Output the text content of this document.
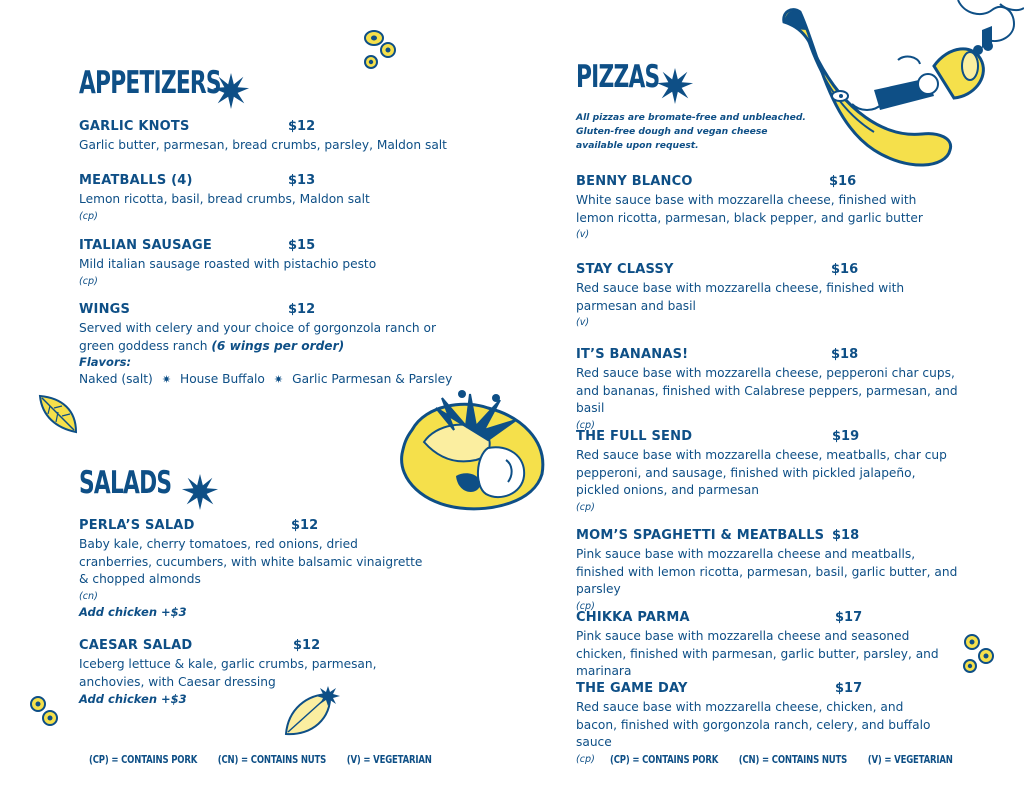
APPETIZERS
GARLIC KNOTS	$12
Garlic butter, parmesan, bread crumbs, parsley, Maldon salt
MEATBALLS (4)	$13
Lemon ricotta, basil, bread crumbs, Maldon salt
(cp)
ITALIAN SAUSAGE	$15
Mild italian sausage roasted with pistachio pesto
(cp)
WINGS	$12
Served with celery and your choice of gorgonzola ranch or green goddess ranch (6 wings per order)
Flavors:
Naked (salt) ✷ House Buffalo ✷ Garlic Parmesan & Parsley
SALADS
PERLA’S SALAD	$12
Baby kale, cherry tomatoes, red onions, dried cranberries, cucumbers, with white balsamic vinaigrette & chopped almonds
(cn)
Add chicken +$3
CAESAR SALAD	$12
Iceberg lettuce & kale, garlic crumbs, parmesan, anchovies, with Caesar dressing
Add chicken +$3
(CP) = CONTAINS PORK (CN) = CONTAINS NUTS (V) = VEGETARIAN
PIZZAS
All pizzas are bromate-free and unbleached. Gluten-free dough and vegan cheese available upon request.
BENNY BLANCO	$16
White sauce base with mozzarella cheese, finished with lemon ricotta, parmesan, black pepper, and garlic butter
(v)
STAY CLASSY	$16
Red sauce base with mozzarella cheese, finished with parmesan and basil
(v)
IT’S BANANAS!	$18
Red sauce base with mozzarella cheese, pepperoni char cups, and bananas, finished with Calabrese peppers, parmesan, and basil
(cp)
THE FULL SEND	$19
Red sauce base with mozzarella cheese, meatballs, char cup pepperoni, and sausage, finished with pickled jalapeño, pickled onions, and parmesan
(cp)
MOM’S SPAGHETTI & MEATBALLS $18
Pink sauce base with mozzarella cheese and meatballs, finished with lemon ricotta, parmesan, basil, garlic butter, and parsley
(cp)
CHIKKA PARMA	$17
Pink sauce base with mozzarella cheese and seasoned chicken, finished with parmesan, garlic butter, parsley, and marinara
THE GAME DAY	$17
Red sauce base with mozzarella cheese, chicken, and bacon, finished with gorgonzola ranch, celery, and buffalo sauce
(cp)	(CP) = CONTAINS PORK (CN) = CONTAINS NUTS (V) = VEGETARIAN
